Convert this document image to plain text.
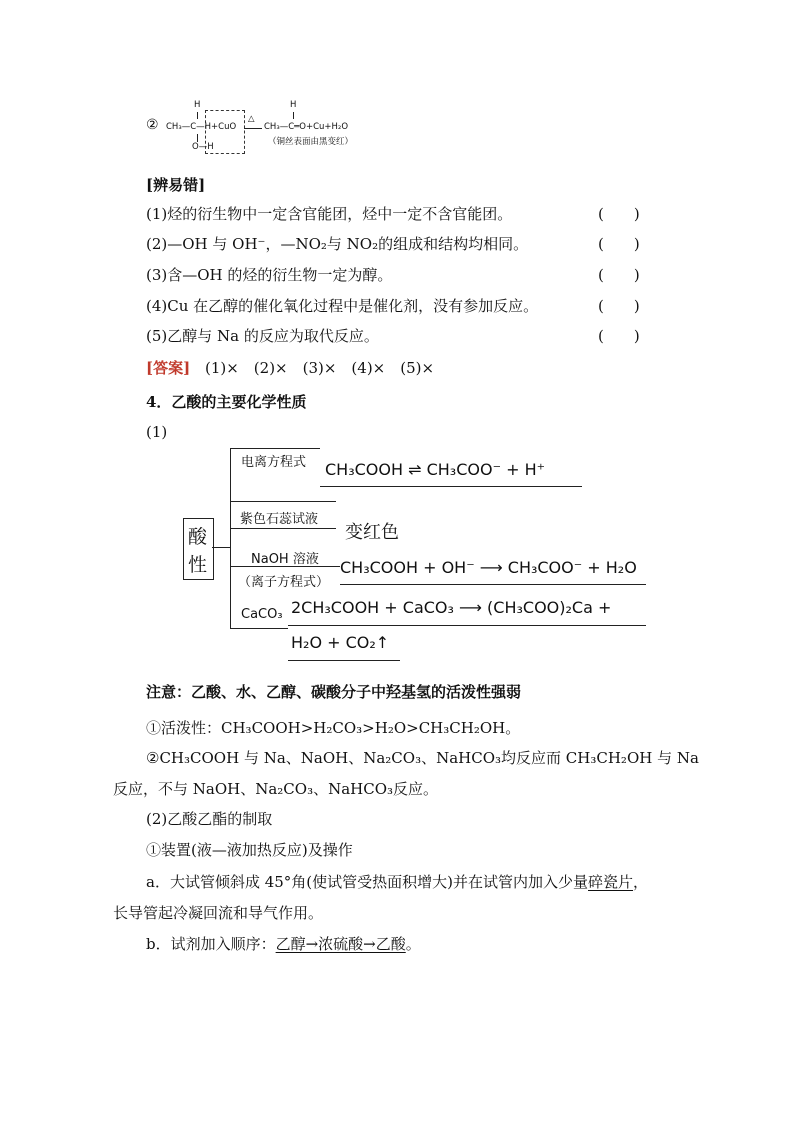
②
H
CH₃—C—H+CuO
O—H
△
H
CH₃—C═O+Cu+H₂O
（铜丝表面由黑变红）
[辨易错]
(1)烃的衍生物中一定含官能团，烃中一定不含官能团。	(　　)
(2)—OH 与 OH⁻，—NO₂与 NO₂的组成和结构均相同。	(　　)
(3)含—OH 的烃的衍生物一定为醇。	(　　)
(4)Cu 在乙醇的催化氧化过程中是催化剂，没有参加反应。	(　　)
(5)乙醇与 Na 的反应为取代反应。	(　　)
[答案] (1)×　(2)×　(3)×　(4)×　(5)×
4．乙酸的主要化学性质
(1)
酸
性
电离方程式 CH₃COOH ⇌ CH₃COO⁻ + H⁺
紫色石蕊试液
变红色
NaOH 溶液
（离子方程式）
CH₃COOH + OH⁻ ⟶ CH₃COO⁻ + H₂O
CaCO₃ 2CH₃COOH + CaCO₃ ⟶ (CH₃COO)₂Ca +
H₂O + CO₂↑
注意：乙酸、水、乙醇、碳酸分子中羟基氢的活泼性强弱
①活泼性：CH₃COOH>H₂CO₃>H₂O>CH₃CH₂OH。
②CH₃COOH 与 Na、NaOH、Na₂CO₃、NaHCO₃均反应而 CH₃CH₂OH 与 Na
反应，不与 NaOH、Na₂CO₃、NaHCO₃反应。
(2)乙酸乙酯的制取
①装置(液—液加热反应)及操作
a．大试管倾斜成 45°角(使试管受热面积增大)并在试管内加入少量碎瓷片，
长导管起冷凝回流和导气作用。
b．试剂加入顺序：乙醇→浓硫酸→乙酸。
